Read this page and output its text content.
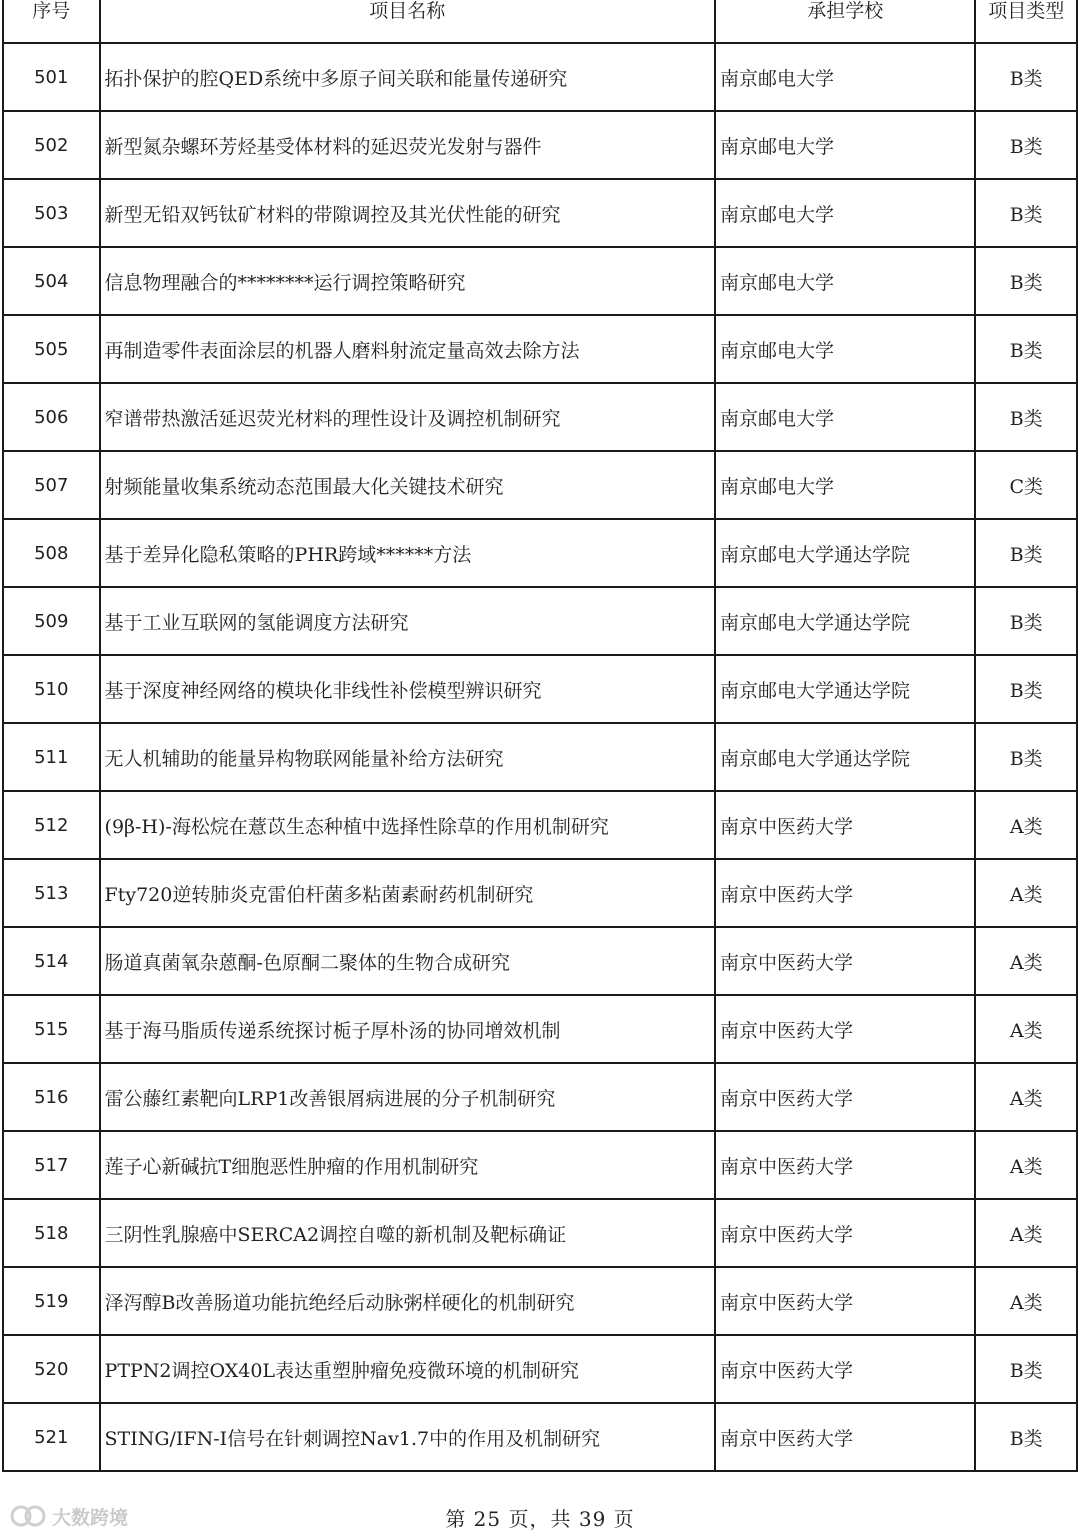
序号	项目名称	承担学校	项目类型
501	拓扑保护的腔QED系统中多原子间关联和能量传递研究	南京邮电大学	B类
502	新型氮杂螺环芳烃基受体材料的延迟荧光发射与器件	南京邮电大学	B类
503	新型无铅双钙钛矿材料的带隙调控及其光伏性能的研究	南京邮电大学	B类
504	信息物理融合的********运行调控策略研究	南京邮电大学	B类
505	再制造零件表面涂层的机器人磨料射流定量高效去除方法	南京邮电大学	B类
506	窄谱带热激活延迟荧光材料的理性设计及调控机制研究	南京邮电大学	B类
507	射频能量收集系统动态范围最大化关键技术研究	南京邮电大学	C类
508	基于差异化隐私策略的PHR跨域******方法	南京邮电大学通达学院	B类
509	基于工业互联网的氢能调度方法研究	南京邮电大学通达学院	B类
510	基于深度神经网络的模块化非线性补偿模型辨识研究	南京邮电大学通达学院	B类
511	无人机辅助的能量异构物联网能量补给方法研究	南京邮电大学通达学院	B类
512	(9β-H)-海松烷在薏苡生态种植中选择性除草的作用机制研究	南京中医药大学	A类
513	Fty720逆转肺炎克雷伯杆菌多粘菌素耐药机制研究	南京中医药大学	A类
514	肠道真菌氧杂蒽酮-色原酮二聚体的生物合成研究	南京中医药大学	A类
515	基于海马脂质传递系统探讨栀子厚朴汤的协同增效机制	南京中医药大学	A类
516	雷公藤红素靶向LRP1改善银屑病进展的分子机制研究	南京中医药大学	A类
517	莲子心新碱抗T细胞恶性肿瘤的作用机制研究	南京中医药大学	A类
518	三阴性乳腺癌中SERCA2调控自噬的新机制及靶标确证	南京中医药大学	A类
519	泽泻醇B改善肠道功能抗绝经后动脉粥样硬化的机制研究	南京中医药大学	A类
520	PTPN2调控OX40L表达重塑肿瘤免疫微环境的机制研究	南京中医药大学	B类
521	STING/IFN-I信号在针刺调控Nav1.7中的作用及机制研究	南京中医药大学	B类
第 25 页，共 39 页
大数跨境
